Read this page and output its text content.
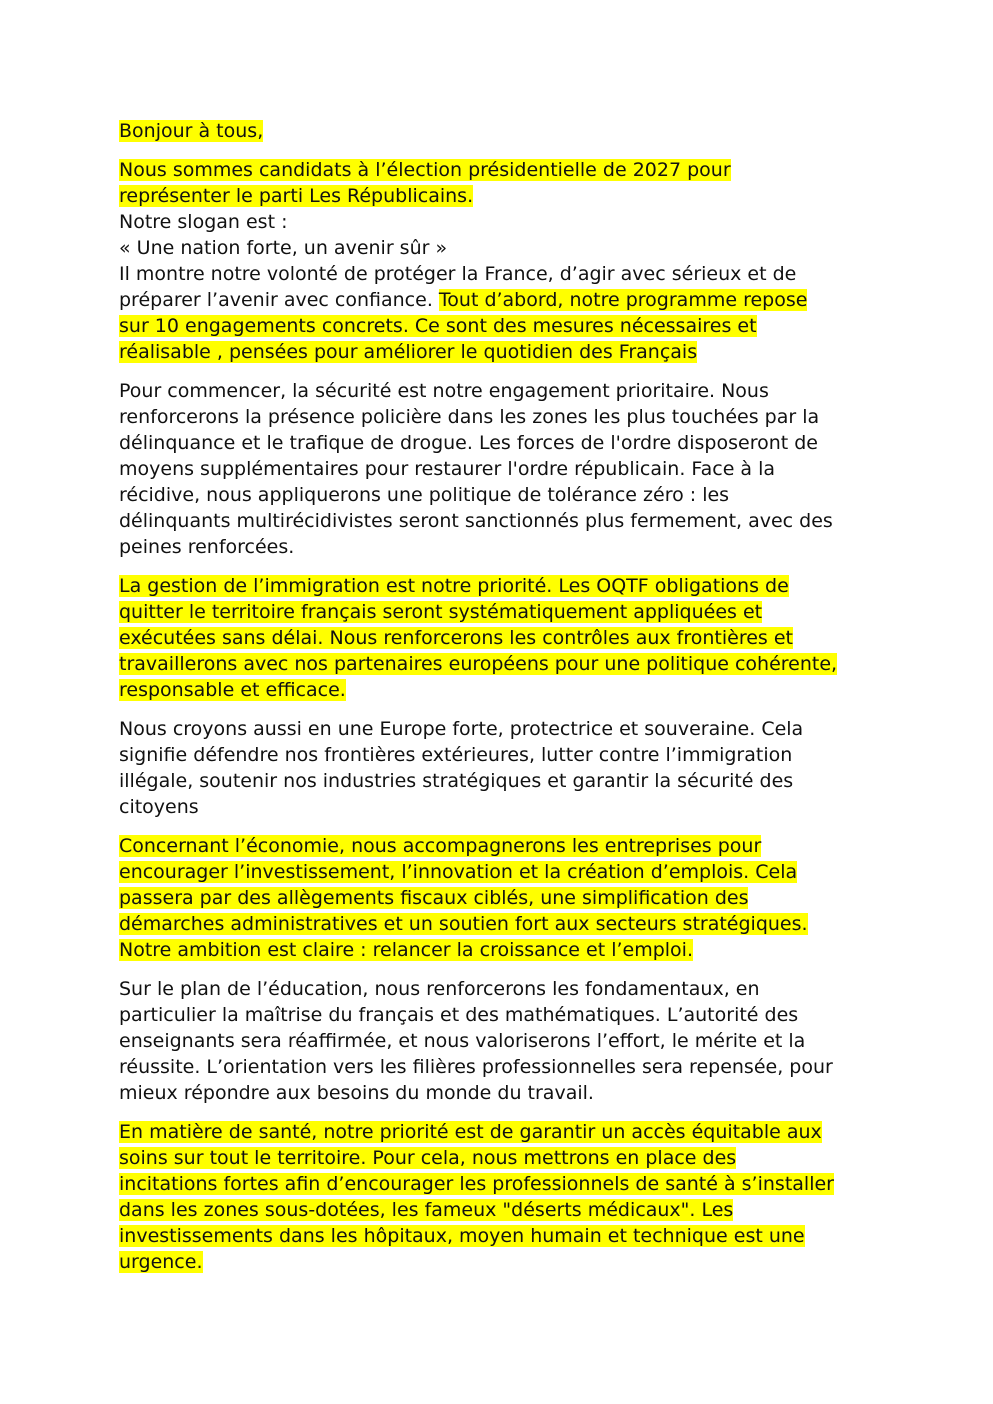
Bonjour à tous,
Nous sommes candidats à l’élection présidentielle de 2027 pour
représenter le parti Les Républicains.
Notre slogan est :
« Une nation forte, un avenir sûr »
Il montre notre volonté de protéger la France, d’agir avec sérieux et de
préparer l’avenir avec confiance. Tout d’abord, notre programme repose
sur 10 engagements concrets. Ce sont des mesures nécessaires et
réalisable , pensées pour améliorer le quotidien des Français
Pour commencer, la sécurité est notre engagement prioritaire. Nous
renforcerons la présence policière dans les zones les plus touchées par la
délinquance et le trafique de drogue. Les forces de l'ordre disposeront de
moyens supplémentaires pour restaurer l'ordre républicain. Face à la
récidive, nous appliquerons une politique de tolérance zéro : les
délinquants multirécidivistes seront sanctionnés plus fermement, avec des
peines renforcées.
La gestion de l’immigration est notre priorité. Les OQTF obligations de
quitter le territoire français seront systématiquement appliquées et
exécutées sans délai. Nous renforcerons les contrôles aux frontières et
travaillerons avec nos partenaires européens pour une politique cohérente,
responsable et efficace.
Nous croyons aussi en une Europe forte, protectrice et souveraine. Cela
signifie défendre nos frontières extérieures, lutter contre l’immigration
illégale, soutenir nos industries stratégiques et garantir la sécurité des
citoyens
Concernant l’économie, nous accompagnerons les entreprises pour
encourager l’investissement, l’innovation et la création d’emplois. Cela
passera par des allègements fiscaux ciblés, une simplification des
démarches administratives et un soutien fort aux secteurs stratégiques.
Notre ambition est claire : relancer la croissance et l’emploi.
Sur le plan de l’éducation, nous renforcerons les fondamentaux, en
particulier la maîtrise du français et des mathématiques. L’autorité des
enseignants sera réaffirmée, et nous valoriserons l’effort, le mérite et la
réussite. L’orientation vers les filières professionnelles sera repensée, pour
mieux répondre aux besoins du monde du travail.
En matière de santé, notre priorité est de garantir un accès équitable aux
soins sur tout le territoire. Pour cela, nous mettrons en place des
incitations fortes afin d’encourager les professionnels de santé à s’installer
dans les zones sous-dotées, les fameux "déserts médicaux". Les
investissements dans les hôpitaux, moyen humain et technique est une
urgence.
